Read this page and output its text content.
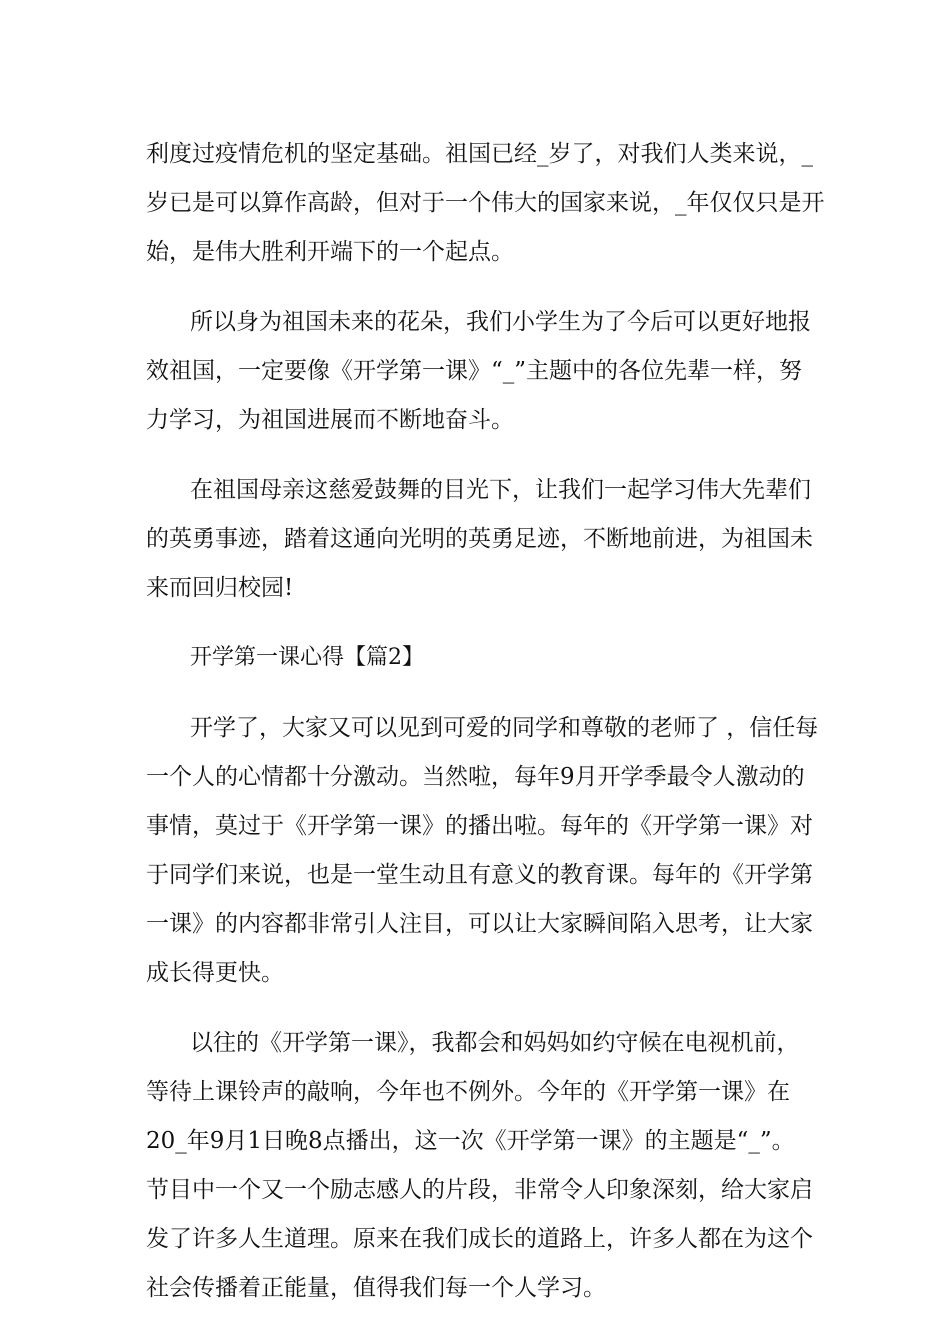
利度过疫情危机的坚定基础。祖国已经_岁了，对我们人类来说，_
岁已是可以算作高龄，但对于一个伟大的国家来说，_年仅仅只是开
始，是伟大胜利开端下的一个起点。
所以身为祖国未来的花朵，我们小学生为了今后可以更好地报
效祖国，一定要像《开学第一课》“_”主题中的各位先辈一样，努
力学习，为祖国进展而不断地奋斗。
在祖国母亲这慈爱鼓舞的目光下，让我们一起学习伟大先辈们
的英勇事迹，踏着这通向光明的英勇足迹，不断地前进，为祖国未
来而回归校园!
开学第一课心得【篇2】
开学了，大家又可以见到可爱的同学和尊敬的老师了 ，信任每
一个人的心情都十分激动。当然啦，每年9月开学季最令人激动的
事情，莫过于《开学第一课》的播出啦。每年的《开学第一课》对
于同学们来说，也是一堂生动且有意义的教育课。每年的《开学第
一课》的内容都非常引人注目，可以让大家瞬间陷入思考，让大家
成长得更快。
以往的《开学第一课》，我都会和妈妈如约守候在电视机前，
等待上课铃声的敲响，今年也不例外。今年的《开学第一课》在
20_年9月1日晚8点播出，这一次《开学第一课》的主题是“_”。
节目中一个又一个励志感人的片段，非常令人印象深刻，给大家启
发了许多人生道理。原来在我们成长的道路上，许多人都在为这个
社会传播着正能量，值得我们每一个人学习。
